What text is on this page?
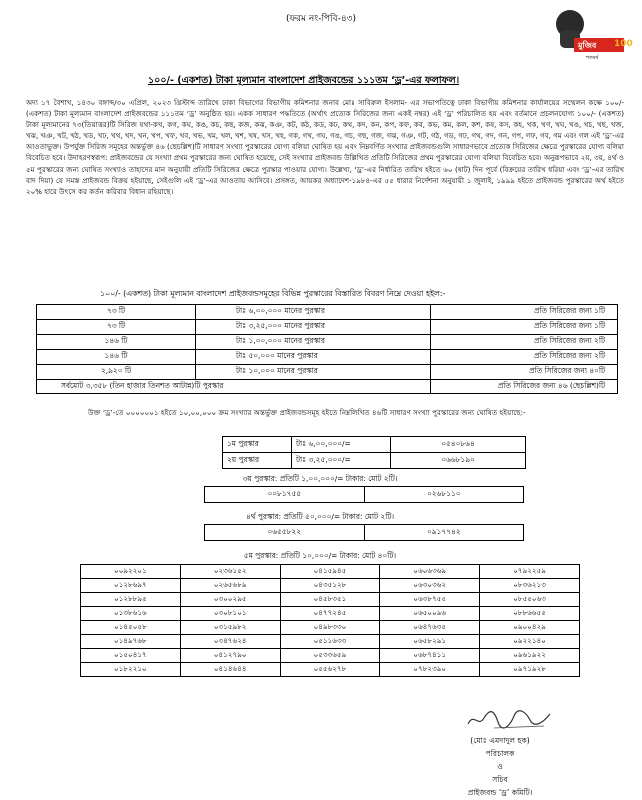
(ফরম নং-পিবি-৪৩)
মুজিব 100
শতবর্ষ
১০০/- (একশত) টাকা মূল্যমান বাংলাদেশ প্রাইজবন্ডের ১১১তম ‘ড্র’-এর ফলাফল।
অদ্য ১৭ বৈশাখ, ১৪৩০ বঙ্গাব্দ/৩০ এপ্রিল, ২০২৩ খ্রিস্টাব্দ তারিখে ঢাকা বিভাগের বিভাগীয় কমিশনার জনাব মোঃ সাবিরুল ইসলাম- এর সভাপতিত্বে ঢাকা বিভাগীয় কমিশনার কার্যালয়ের সম্মেলন কক্ষে ১০০/- (একশত) টাকা মূল্যমান বাংলাদেশ প্রাইজবন্ডের ১১১তম ‘ড্র’ অনুষ্ঠিত হয়। একক সাধারণ পদ্ধতিতে (অর্থাৎ প্রত্যেক সিরিজের জন্য একই নম্বর) এই ‘ড্র’ পরিচালিত হয় এবং বর্তমানে প্রচলনযোগ্য ১০০/- (একশত) টাকা মূল্যমানের ৭৩(তিয়াত্তর)টি সিরিজ যথা-কখ, কগ, কঘ, কঙ, কচ, কছ, কজ, কঝ, কঞ, কট, কঠ, কড, কঢ, কথ, কদ, কন, কপ, কফ, কব, কভ, কম, কল, কশ, কষ, কস, কহ, খক, খগ, খঘ, খঙ, খচ, খছ, খজ, খঝ, খঞ, খট, খঠ, খড, খঢ, খথ, খদ, খন, খপ, খফ, খব, খভ, খম, খল, খশ, খষ, খস, খহ, গক, গখ, গঘ, গঙ, গচ, গছ, গজ, গঝ, গঞ, গট, গঠ, গড, গঢ, গথ, গদ, গন, গপ, গফ, গব, গম এবং গল এই ‘ড্র’-এর আওতাভুক্ত। উপর্যুক্ত সিরিজ সমূহের অন্তর্ভুক্ত ৪৬ (ছেচল্লিশ)টি সাধারণ সংখ্যা পুরস্কারের যোগ্য বলিয়া ঘোষিত হয় এবং নিম্নবর্ণিত সংখ্যার প্রাইজবন্ডগুলি সাধারণভাবে প্রত্যেক সিরিজের ক্ষেত্রে পুরস্কারের যোগ্য বলিয়া বিবেচিত হবে। উদাহরণস্বরূপ: প্রাইজবন্ডের যে সংখ্যা প্রথম পুরস্কারের জন্য ঘোষিত হয়েছে, সেই সংখ্যার প্রাইজবন্ড উল্লিখিত প্রতিটি সিরিজের প্রথম পুরস্কারের যোগ্য বলিয়া বিবেচিত হবে। অনুরূপভাবে ২য়, ৩য়, ৪র্থ ও ৫ম পুরস্কারের জন্য ঘোষিত সংখ্যাও তাহাদের মান অনুযায়ী প্রতিটি সিরিজের ক্ষেত্রে পুরস্কার পাওয়ার যোগ্য। উল্লেখ্য, ‘ড্র’-এর নির্ধারিত তারিখ হইতে ৬০ (ষাট) দিন পূর্বে (বিক্রয়ের তারিখ ধরিয়া এবং ‘ড্র’-এর তারিখ বাদ দিয়া) যে সমস্ত প্রাইজবন্ড বিক্রয় হইয়াছে, সেইগুলি এই ‘ড্র’-এর আওতায় আসিবে। প্রসঙ্গত, আয়কর অধ্যাদেশ-১৯৮৪-এর ৫৫ ধারার নির্দেশনা অনুযায়ী ১ জুলাই, ১৯৯৯ হইতে প্রাইজবন্ড পুরস্কারের অর্থ হইতে ২০% হারে উৎসে কর কর্তন করিবার বিধান রহিয়াছে।
১০০/- (একশত) টাকা মূল্যমান বাংলাদেশ প্রাইজবন্ডসমূহের বিভিন্ন পুরস্কারের বিস্তারিত বিবরণ নিম্নে দেওয়া হইল:-
৭৩ টি	টাঃ ৬,০০,০০০ মানের পুরস্কার	প্রতি সিরিজের জন্য ১টি
৭৩ টি	টাঃ ৩,২৫,০০০ মানের পুরস্কার	প্রতি সিরিজের জন্য ১টি
১৪৬ টি	টাঃ ১,০০,০০০ মানের পুরস্কার	প্রতি সিরিজের জন্য ২টি
১৪৬ টি	টাঃ ৫০,০০০ মানের পুরস্কার	প্রতি সিরিজের জন্য ২টি
২,৯২০ টি	টাঃ ১০,০০০ মানের পুরস্কার	প্রতি সিরিজের জন্য ৪০টি
সর্বমোট ৩,৩৫৮ (তিন হাজার তিনশত আটান্ন)টি পুরস্কার		প্রতি সিরিজের জন্য ৪৬ (ছেচল্লিশ)টি
উক্ত ‘ড্র’-তে ০০০০০০১ হইতে ১০,০০,০০০ ক্রম সংখ্যার অন্তর্ভুক্ত প্রাইজবন্ডসমূহ হইতে নিম্নলিখিত ৪৬টি সাধারণ সংখ্যা পুরস্কারের জন্য ঘোষিত হইয়াছে:-
১ম পুরস্কার	টাঃ ৬,০০,০০০/=	০৫৪০৮৬৪
২য় পুরস্কার	টাঃ ৩,২৫,০০০/=	০৬৬৮১৯০
৩য় পুরস্কার: প্রতিটি ১,০০,০০০/= টাকার: মোট ২টি।
০০৮১৭৫৫	০২৬৮১১০
৪র্থ পুরস্কার: প্রতিটি ৫০,০০০/= টাকার: মোট ২টি।
০৬৫৫৮২২	০৯১৭৭৪২
৫ম পুরস্কার: প্রতিটি ১০,০০০/= টাকার: মোট ৪০টি।
০০৯২২০১	০২৩৬১৫২	০৪১৫৯৪৫	০৬০৬৩৬৯	০৭৯২২৫৯
০১২৮৬৯৭	০২৬৫৬৮৯	০৪৩৫১২৮	০৬৩০৩৬২	০৮৩৬২১৩
০১২৮৮৯৫	০৩০০২৯৫	০৪৫৮৩৫১	০৬৩৮৭৫৫	০৮৫৫০৬৩
০১৩৮৬১৬	০৩০৮১০১	০৪৭৭২৪৫	০৬৫০০৯৬	০৮৮৬৬৫৫
০১৪৫০৫৮	০৩১৫৯৮২	০৪৯৮৩৩০	০৬৪৭৬৩৫	০৯০০৪২৯
০১৪৯৭৬৮	০৩৪৭৬২৪	০৫১১৬৩৩	০৬৫৮২৯১	০৯২২১৪০
০১৫০৪১৭	০৪১২৭৯০	০৫৩৩৬৫৯	০৬৮৭৪১১	০৯৬১৯২২
০১৮২২১০	০৪১৪৬৪৪	০৫৫৬২৭৮	০৭৮২৩৯০	০৯৭১৯২৮
(মোঃ এমদাদুল হক)
পরিচালক
ও
সচিব
প্রাইজবন্ড ‘ড্র’ কমিটি।
